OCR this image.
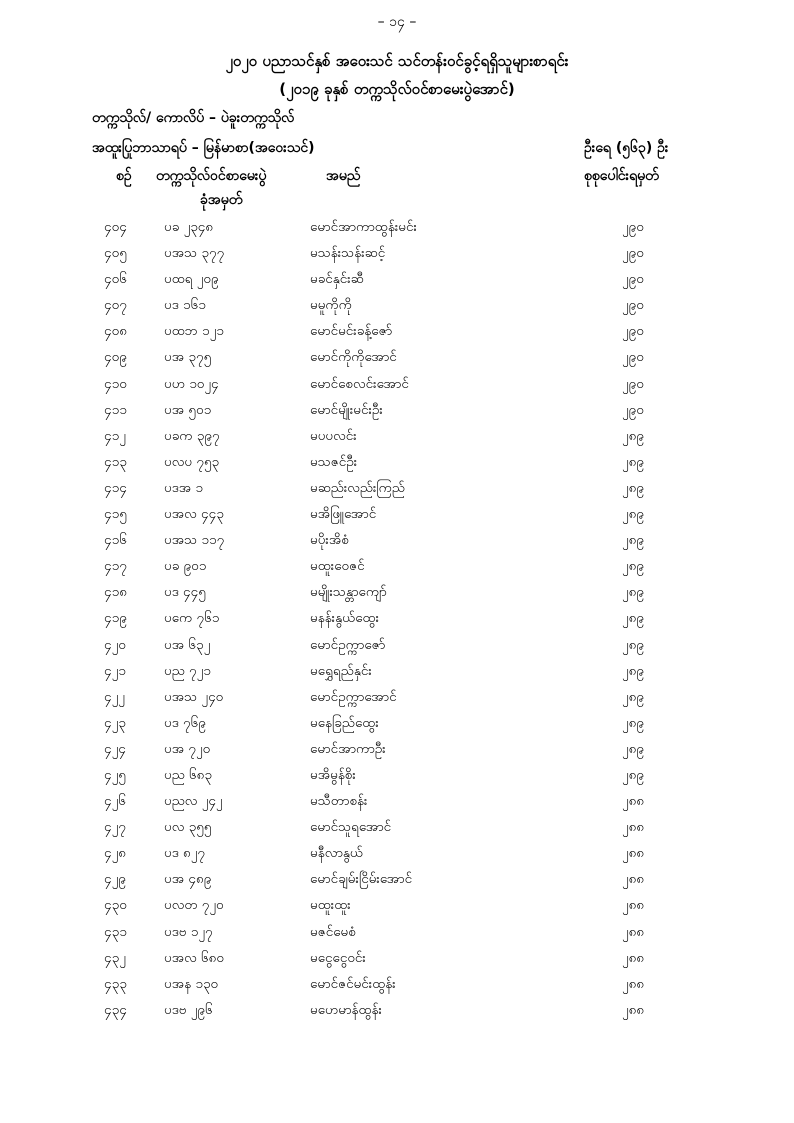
– ၁၄ –
၂၀၂၀ ပညာသင်နှစ် အဝေးသင် သင်တန်းဝင်ခွင့်ရရှိသူများစာရင်း
(၂၀၁၉ ခုနှစ် တက္ကသိုလ်ဝင်စာမေးပွဲအောင်)
တက္ကသိုလ်/ ကောလိပ် – ပဲခူးတက္ကသိုလ်
အထူးပြုဘာသာရပ် – မြန်မာစာ(အဝေးသင်)	ဦးရေ (၅၆၃) ဦး
စဉ် တက္ကသိုလ်ဝင်စာမေးပွဲ
ခုံအမှတ်
အမည်	စုစုပေါင်းရမှတ်
၄၀၄	ပခ ၂၃၄၈	မောင်အာကာထွန်းမင်း	၂၉၀
၄၀၅	ပအသ ၃၇၇	မသန်းသန်းဆင့်	၂၉၀
၄၀၆	ပထရ ၂၀၉	မခင်နှင်းဆီ	၂၉၀
၄၀၇	ပဒ ၁၆၁	မမူကိုကို	၂၉၀
၄၀၈	ပထဘ ၁၂၁	မောင်မင်းခန့်ဇော်	၂၉၀
၄၀၉	ပအ ၃၇၅	မောင်ကိုကိုအောင်	၂၉၀
၄၁၀	ပဟ ၁၀၂၄	မောင်စေလင်းအောင်	၂၉၀
၄၁၁	ပအ ၅၀၁	မောင်မျိုးမင်းဦး	၂၉၀
၄၁၂	ပခက ၃၉၇	မပပလင်း	၂၈၉
၄၁၃	ပလပ ၇၅၃	မသဇင်ဦး	၂၈၉
၄၁၄	ပဒအ ၁	မဆည်းလည်းကြည်	၂၈၉
၄၁၅	ပအလ ၄၄၃	မအိဖြူအောင်	၂၈၉
၄၁၆	ပအသ ၁၁၇	မပိုးအိစံ	၂၈၉
၄၁၇	ပခ ၉၀၁	မထူးဝေဇင်	၂၈၉
၄၁၈	ပဒ ၄၄၅	မမျိုးသန္တာကျော်	၂၈၉
၄၁၉	ပကေ ၇၆၁	မနန်းနွယ်ထွေး	၂၈၉
၄၂၀	ပအ ၆၃၂	မောင်ဥက္ကာဇော်	၂၈၉
၄၂၁	ပည ၇၂၁	မရွှေရည်နှင်း	၂၈၉
၄၂၂	ပအသ ၂၄၀	မောင်ဥက္ကာအောင်	၂၈၉
၄၂၃	ပဒ ၇၆၉	မနေခြည်ထွေး	၂၈၉
၄၂၄	ပအ ၇၂၀	မောင်အာကာဦး	၂၈၉
၄၂၅	ပည ၆၈၃	မအိမွန်စိုး	၂၈၉
၄၂၆	ပညလ ၂၄၂	မသီတာစန်း	၂၈၈
၄၂၇	ပလ ၃၅၅	မောင်သူရအောင်	၂၈၈
၄၂၈	ပဒ ၈၂၇	မနီလာနွယ်	၂၈၈
၄၂၉	ပအ ၄၈၉	မောင်ချမ်းငြိမ်းအောင်	၂၈၈
၄၃၀	ပလတ ၇၂၀	မထူးထူး	၂၈၈
၄၃၁	ပဒဗ ၁၂၇	မဇင်မေစံ	၂၈၈
၄၃၂	ပအလ ၆၈၀	မငွေငွေဝင်း	၂၈၈
၄၃၃	ပအန ၁၃၀	မောင်ဇင်မင်းထွန်း	၂၈၈
၄၃၄	ပဒဗ ၂၉၆	မဟေမာန်ထွန်း	၂၈၈
